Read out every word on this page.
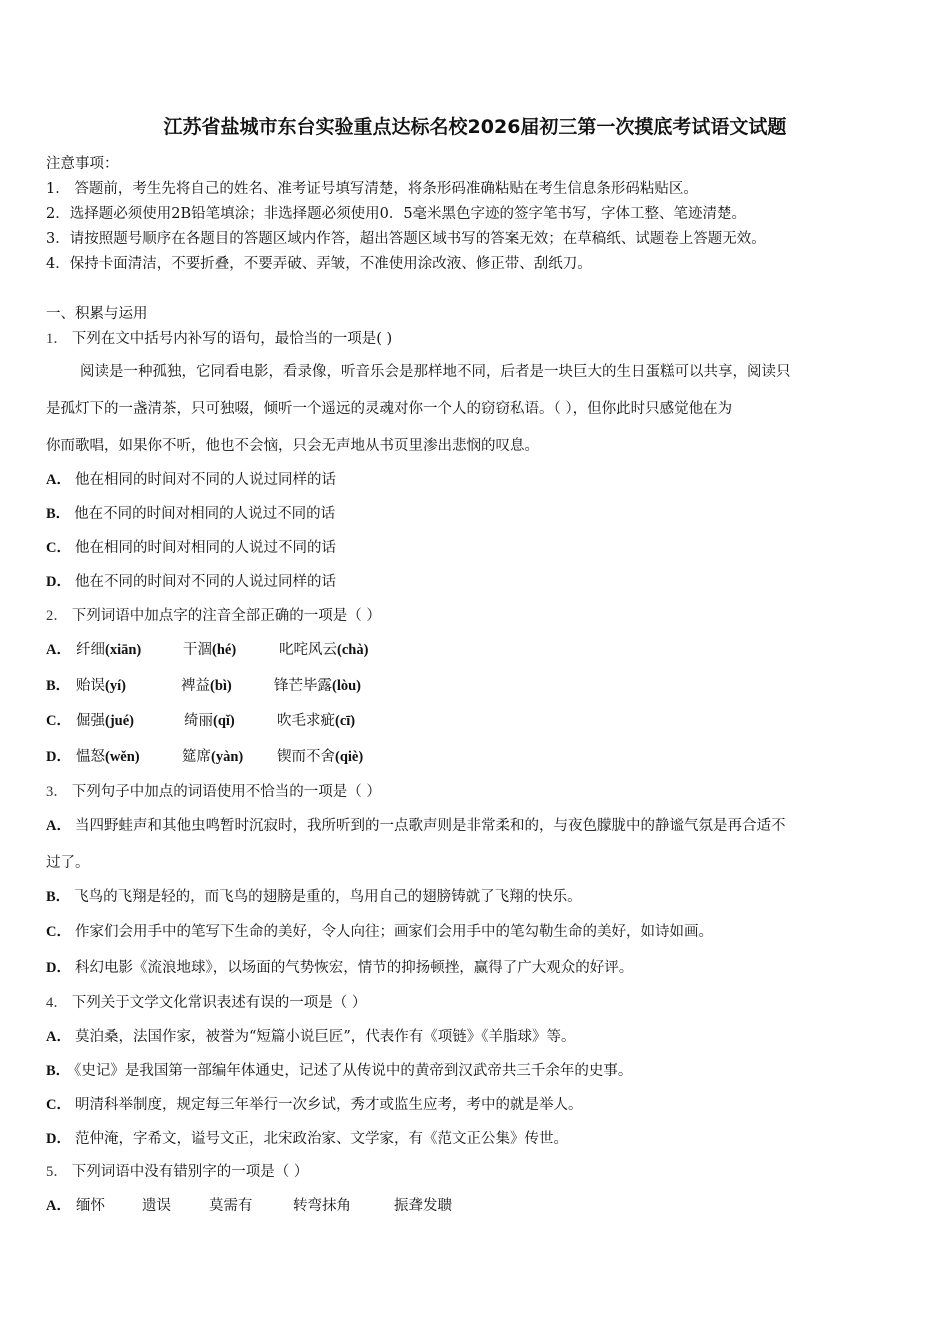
江苏省盐城市东台实验重点达标名校2026届初三第一次摸底考试语文试题
注意事项：
1． 答题前，考生先将自己的姓名、准考证号填写清楚，将条形码准确粘贴在考生信息条形码粘贴区。
2．选择题必须使用2B铅笔填涂；非选择题必须使用0．5毫米黑色字迹的签字笔书写，字体工整、笔迹清楚。
3．请按照题号顺序在各题目的答题区域内作答，超出答题区域书写的答案无效；在草稿纸、试题卷上答题无效。
4．保持卡面清洁，不要折叠，不要弄破、弄皱，不准使用涂改液、修正带、刮纸刀。
一、积累与运用
1． 下列在文中括号内补写的语句，最恰当的一项是( )
阅读是一种孤独，它同看电影，看录像，听音乐会是那样地不同，后者是一块巨大的生日蛋糕可以共享，阅读只
是孤灯下的一盏清茶，只可独啜，倾听一个遥远的灵魂对你一个人的窃窃私语。（ ），但你此时只感觉他在为
你而歌唱，如果你不听，他也不会恼，只会无声地从书页里渗出悲悯的叹息。
A． 他在相同的时间对不同的人说过同样的话
B． 他在不同的时间对相同的人说过不同的话
C． 他在相同的时间对相同的人说过不同的话
D． 他在不同的时间对不同的人说过同样的话
2． 下列词语中加点字的注音全部正确的一项是（ ）
A． 纤细(xiān)	干涸(hé)	叱咤风云(chà)
B． 贻误(yí)	裨益(bì)	锋芒毕露(lòu)
C． 倔强(jué)	绮丽(qǐ)	吹毛求疵(cī)
D． 愠怒(wěn)	筵席(yàn) 锲而不舍(qiè)
3． 下列句子中加点的词语使用不恰当的一项是（ ）
A． 当四野蛙声和其他虫鸣暂时沉寂时，我所听到的一点歌声则是非常柔和的，与夜色朦胧中的静谧气氛是再合适不
过了。
B． 飞鸟的飞翔是轻的，而飞鸟的翅膀是重的，鸟用自己的翅膀铸就了飞翔的快乐。
C． 作家们会用手中的笔写下生命的美好，令人向往；画家们会用手中的笔勾勒生命的美好，如诗如画。
D． 科幻电影《流浪地球》，以场面的气势恢宏，情节的抑扬顿挫，赢得了广大观众的好评。
4． 下列关于文学文化常识表述有误的一项是（ ）
A． 莫泊桑，法国作家，被誉为“短篇小说巨匠”，代表作有《项链》《羊脂球》等。
B． 《史记》是我国第一部编年体通史，记述了从传说中的黄帝到汉武帝共三千余年的史事。
C． 明清科举制度，规定每三年举行一次乡试，秀才或监生应考，考中的就是举人。
D． 范仲淹，字希文，谥号文正，北宋政治家、文学家，有《范文正公集》传世。
5． 下列词语中没有错别字的一项是（ ）
A． 缅怀	遗误	莫需有	转弯抹角	振聋发聩
